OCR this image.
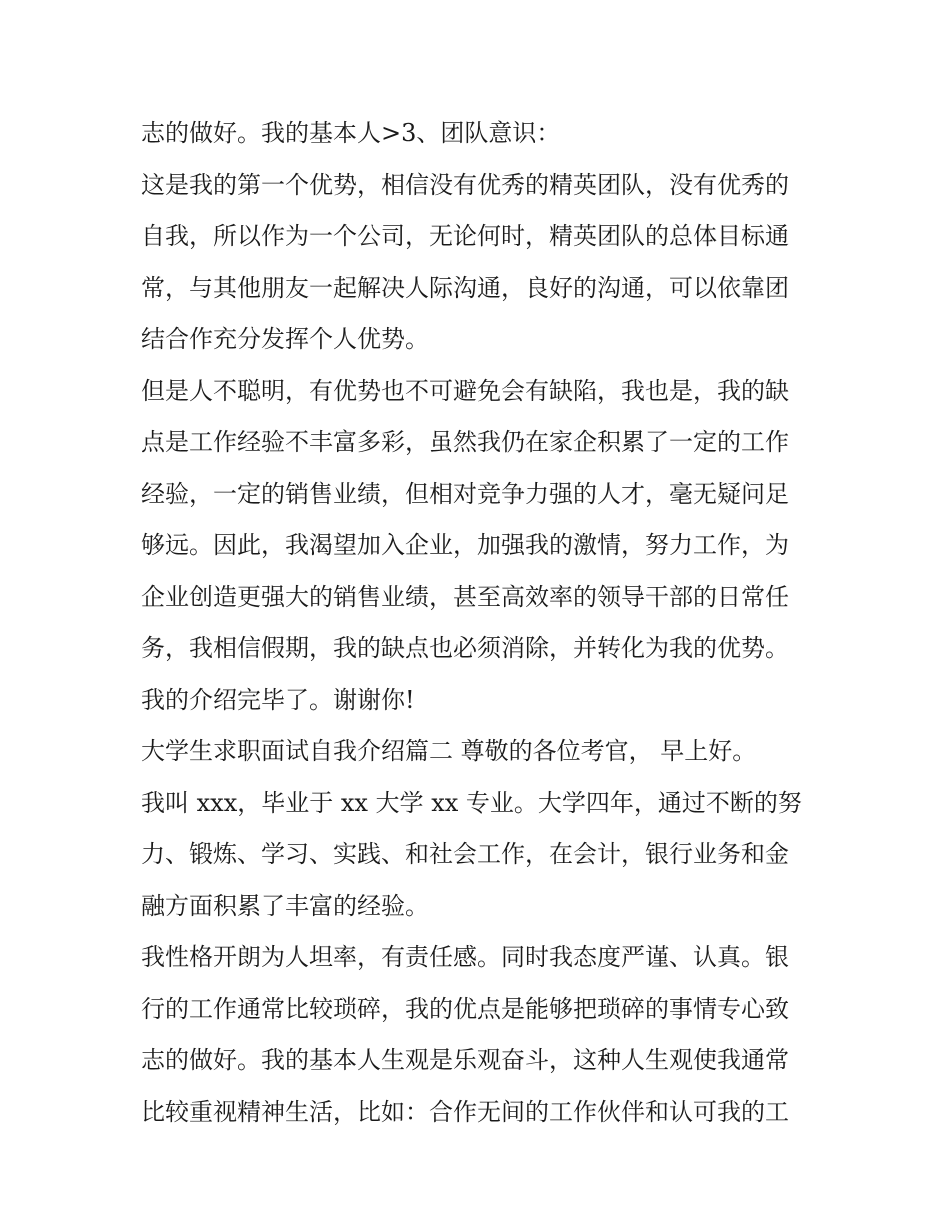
志的做好。我的基本人>3、团队意识：
这是我的第一个优势，相信没有优秀的精英团队，没有优秀的
自我，所以作为一个公司，无论何时，精英团队的总体目标通
常，与其他朋友一起解决人际沟通，良好的沟通，可以依靠团
结合作充分发挥个人优势。
但是人不聪明，有优势也不可避免会有缺陷，我也是，我的缺
点是工作经验不丰富多彩，虽然我仍在家企积累了一定的工作
经验，一定的销售业绩，但相对竞争力强的人才，毫无疑问足
够远。因此，我渴望加入企业，加强我的激情，努力工作，为
企业创造更强大的销售业绩，甚至高效率的领导干部的日常任
务，我相信假期，我的缺点也必须消除，并转化为我的优势。
我的介绍完毕了。谢谢你!
大学生求职面试自我介绍篇二 尊敬的各位考官， 早上好。
我叫 xxx，毕业于 xx 大学 xx 专业。大学四年，通过不断的努
力、锻炼、学习、实践、和社会工作，在会计，银行业务和金
融方面积累了丰富的经验。
我性格开朗为人坦率，有责任感。同时我态度严谨、认真。银
行的工作通常比较琐碎，我的优点是能够把琐碎的事情专心致
志的做好。我的基本人生观是乐观奋斗，这种人生观使我通常
比较重视精神生活，比如：合作无间的工作伙伴和认可我的工
